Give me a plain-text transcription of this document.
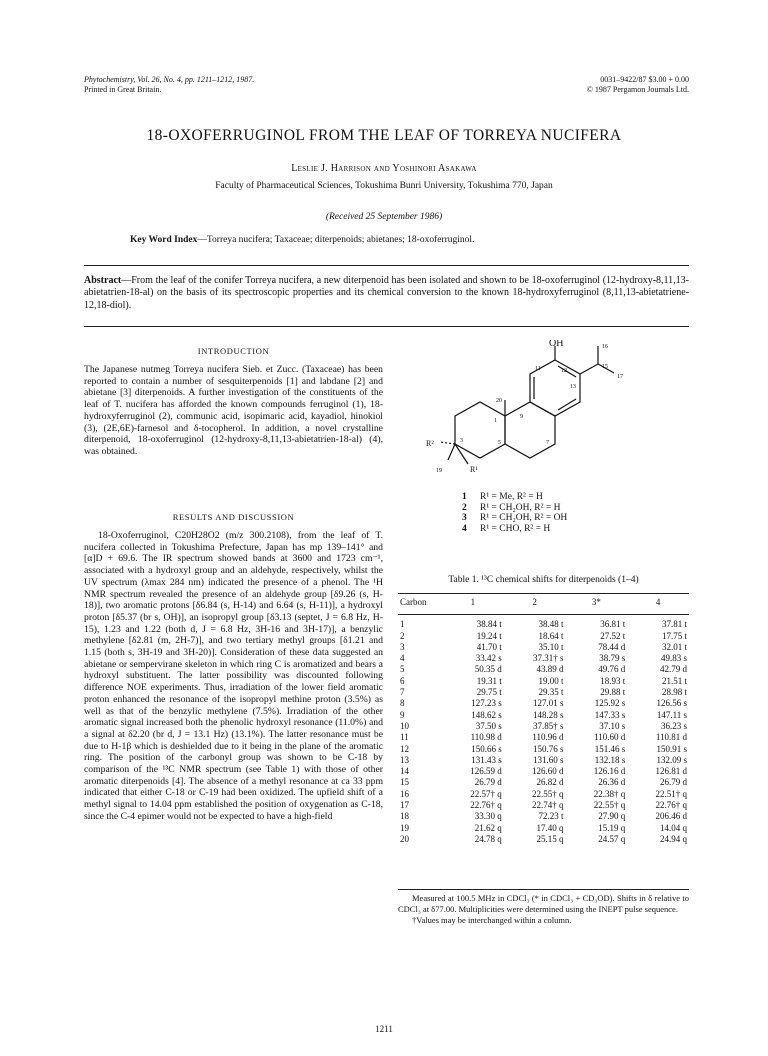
Phytochemistry, Vol. 26, No. 4, pp. 1211–1212, 1987.
Printed in Great Britain.
0031–9422/87 $3.00 + 0.00
© 1987 Pergamon Journals Ltd.
18-OXOFERRUGINOL FROM THE LEAF OF TORREYA NUCIFERA
Leslie J. Harrison and Yoshinori Asakawa
Faculty of Pharmaceutical Sciences, Tokushima Bunri University, Tokushima 770, Japan
(Received 25 September 1986)
Key Word Index—Torreya nucifera; Taxaceae; diterpenoids; abietanes; 18-oxoferruginol.
Abstract—From the leaf of the conifer Torreya nucifera, a new diterpenoid has been isolated and shown to be 18-oxoferruginol (12-hydroxy-8,11,13-abietatrien-18-al) on the basis of its spectroscopic properties and its chemical conversion to the known 18-hydroxyferruginol (8,11,13-abietatriene-12,18-diol).
INTRODUCTION

The Japanese nutmeg Torreya nucifera Sieb. et Zucc. (Taxaceae) has been reported to contain a number of sesquiterpenoids [1] and labdane [2] and abietane [3] diterpenoids. A further investigation of the constituents of the leaf of T. nucifera has afforded the known compounds ferruginol (1), 18-hydroxyferruginol (2), communic acid, isopimaric acid, kayadiol, hinokiol (3), (2E,6E)-farnesol and δ-tocopherol. In addition, a novel crystalline diterpenoid, 18-oxoferruginol (12-hydroxy-8,11,13-abietatrien-18-al) (4), was obtained.

RESULTS AND DISCUSSION

18-Oxoferruginol, C20H28O2 (m/z 300.2108), from the leaf of T. nucifera collected in Tokushima Prefecture, Japan has mp 139–141° and [α]D + 69.6. The IR spectrum showed bands at 3600 and 1723 cm⁻¹, associated with a hydroxyl group and an aldehyde, respectively, whilst the UV spectrum (λmax 284 nm) indicated the presence of a phenol. The ¹H NMR spectrum revealed the presence of an aldehyde group [δ9.26 (s, H-18)], two aromatic protons [δ6.84 (s, H-14) and 6.64 (s, H-11)], a hydroxyl proton [δ5.37 (br s, OH)], an isopropyl group [δ3.13 (septet, J = 6.8 Hz, H-15), 1.23 and 1.22 (both d, J = 6.8 Hz, 3H-16 and 3H-17)], a benzylic methylene [δ2.81 (m, 2H-7)], and two tertiary methyl groups [δ1.21 and 1.15 (both s, 3H-19 and 3H-20)]. Consideration of these data suggested an abietane or sempervirane skeleton in which ring C is aromatized and bears a hydroxyl substituent. The latter possibility was discounted following difference NOE experiments. Thus, irradiation of the lower field aromatic proton enhanced the resonance of the isopropyl methine proton (3.5%) as well as that of the benzylic methylene (7.5%). Irradiation of the other aromatic signal increased both the phenolic hydroxyl resonance (11.0%) and a signal at δ2.20 (br d, J = 13.1 Hz) (13.1%). The latter resonance must be due to H-1β which is deshielded due to it being in the plane of the aromatic ring. The position of the carbonyl group was shown to be C-18 by comparison of the ¹³C NMR spectrum (see Table 1) with those of other aromatic diterpenoids [4]. The absence of a methyl resonance at ca 33 ppm indicated that either C-18 or C-19 had been oxidized. The upfield shift of a methyl signal to 14.04 ppm established the position of oxygenation as C-18, since the C-4 epimer would not be expected to have a high-field

OH	16
15
17
11	12
13
20
1
3	5	7
9
R²
19	R¹
1 R¹ = Me, R² = H
2 R¹ = CH₂OH, R² = H
3 R¹ = CH₂OH, R² = OH
4 R¹ = CHO, R² = H
Table 1. ¹³C chemical shifts for diterpenoids (1–4)
Carbon	1	2	3*	4

1	38.84 t	38.48 t	36.81 t	37.81 t
2	19.24 t	18.64 t	27.52 t	17.75 t
3	41.70 t	35.10 t	78.44 d	32.01 t
4	33.42 s	37.31† s	38.79 s	49.83 s
5	50.35 d	43.89 d	49.76 d	42.79 d
6	19.31 t	19.00 t	18.93 t	21.51 t
7	29.75 t	29.35 t	29.88 t	28.98 t
8	127.23 s	127.01 s	125.92 s	126.56 s
9	148.62 s	148.28 s	147.33 s	147.11 s
10	37.50 s	37.85† s	37.10 s	36.23 s
11	110.98 d	110.96 d	110.60 d	110.81 d
12	150.66 s	150.76 s	151.46 s	150.91 s
13	131.43 s	131.60 s	132.18 s	132.09 s
14	126.59 d	126.60 d	126.16 d	126.81 d
15	26.79 d	26.82 d	26.36 d	26.79 d
16	22.57† q	22.55† q	22.38† q	22.51† q
17	22.76† q	22.74† q	22.55† q	22.76† q
18	33.30 q	72.23 t	27.90 q	206.46 d
19	21.62 q	17.40 q	15.19 q	14.04 q
20	24.78 q	25.15 q	24.57 q	24.94 q
Measured at 100.5 MHz in CDCl₃ (* in CDCl₃ + CD₃OD). Shifts in δ relative to CDCl₃ at δ77.00. Multiplicities were determined using the INEPT pulse sequence.
†Values may be interchanged within a column.
1211
